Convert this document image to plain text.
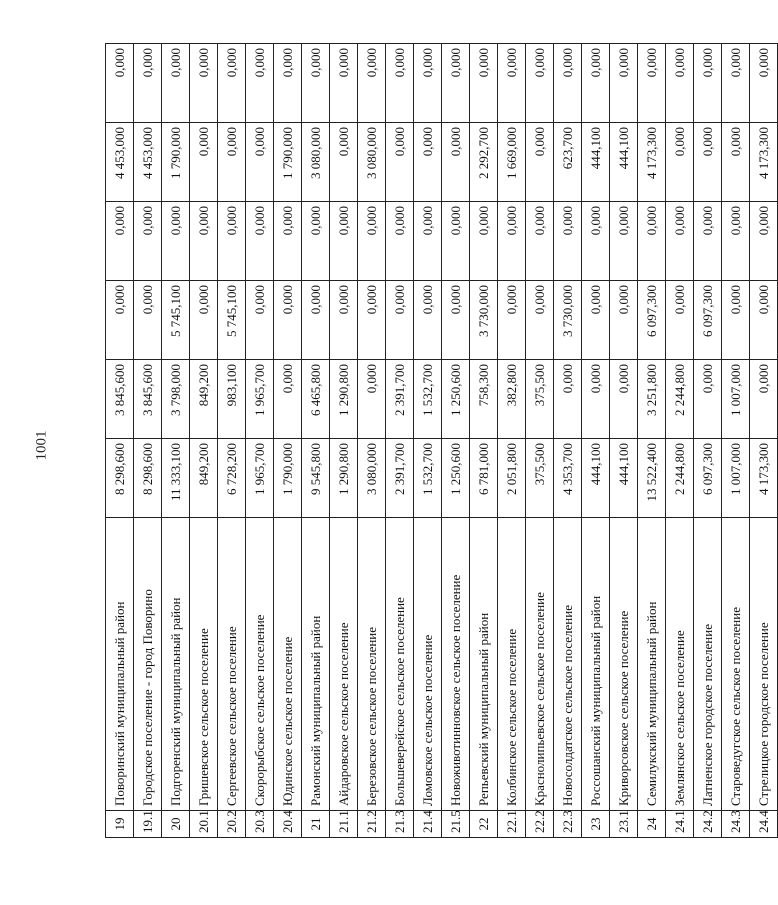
1001
19	Поворинский муниципальный район	8 298,600	3 845,600	0,000	0,000	4 453,000	0,000
19.1	Городское поселение - город Поворино	8 298,600	3 845,600	0,000	0,000	4 453,000	0,000
20	Подгоренский муниципальный район	11 333,100	3 798,000	5 745,100	0,000	1 790,000	0,000
20.1	Гришевское сельское поселение	849,200	849,200	0,000	0,000	0,000	0,000
20.2	Сергеевское сельское поселение	6 728,200	983,100	5 745,100	0,000	0,000	0,000
20.3	Скорорыбское сельское поселение	1 965,700	1 965,700	0,000	0,000	0,000	0,000
20.4	Юдинское сельское поселение	1 790,000	0,000	0,000	0,000	1 790,000	0,000
21	Рамонский муниципальный район	9 545,800	6 465,800	0,000	0,000	3 080,000	0,000
21.1	Айдаровское сельское поселение	1 290,800	1 290,800	0,000	0,000	0,000	0,000
21.2	Березовское сельское поселение	3 080,000	0,000	0,000	0,000	3 080,000	0,000
21.3	Большеверейское сельское поселение	2 391,700	2 391,700	0,000	0,000	0,000	0,000
21.4	Ломовское сельское поселение	1 532,700	1 532,700	0,000	0,000	0,000	0,000
21.5	Новоживотинновское сельское поселение	1 250,600	1 250,600	0,000	0,000	0,000	0,000
22	Репьевский муниципальный район	6 781,000	758,300	3 730,000	0,000	2 292,700	0,000
22.1	Колбинское сельское поселение	2 051,800	382,800	0,000	0,000	1 669,000	0,000
22.2	Краснолипьевское сельское поселение	375,500	375,500	0,000	0,000	0,000	0,000
22.3	Новосолдатское сельское поселение	4 353,700	0,000	3 730,000	0,000	623,700	0,000
23	Россошанский муниципальный район	444,100	0,000	0,000	0,000	444,100	0,000
23.1	Криворсовское сельское поселение	444,100	0,000	0,000	0,000	444,100	0,000
24	Семилукский муниципальный район	13 522,400	3 251,800	6 097,300	0,000	4 173,300	0,000
24.1	Землянское сельское поселение	2 244,800	2 244,800	0,000	0,000	0,000	0,000
24.2	Латненское городское поселение	6 097,300	0,000	6 097,300	0,000	0,000	0,000
24.3	Староведугское сельское поселение	1 007,000	1 007,000	0,000	0,000	0,000	0,000
24.4	Стрелицкое городское поселение	4 173,300	0,000	0,000	0,000	4 173,300	0,000
